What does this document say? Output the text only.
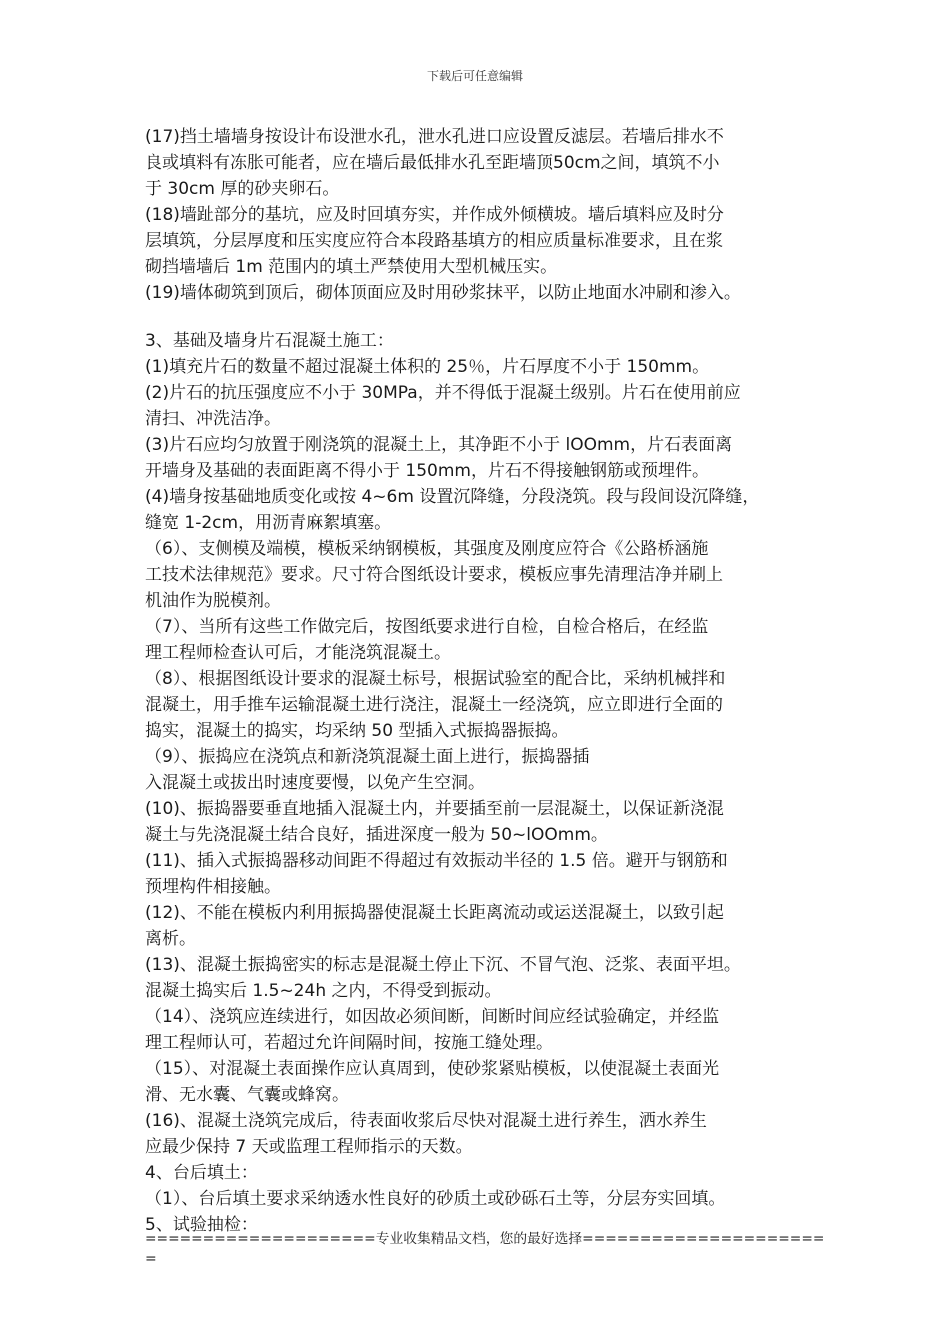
下载后可任意编辑
(17)挡土墙墙身按设计布设泄水孔，泄水孔进口应设置反滤层。若墙后排水不
良或填料有冻胀可能者，应在墙后最低排水孔至距墙顶50cm之间，填筑不小
于 30cm 厚的砂夹卵石。
(18)墙趾部分的基坑，应及时回填夯实，并作成外倾横坡。墙后填料应及时分
层填筑，分层厚度和压实度应符合本段路基填方的相应质量标准要求，且在浆
砌挡墙墙后 1m 范围内的填土严禁使用大型机械压实。
(19)墙体砌筑到顶后，砌体顶面应及时用砂浆抹平，以防止地面水冲刷和渗入。
3、基础及墙身片石混凝土施工：
(1)填充片石的数量不超过混凝土体积的 25％，片石厚度不小于 150mm。
(2)片石的抗压强度应不小于 30MPa，并不得低于混凝土级别。片石在使用前应
清扫、冲洗洁净。
(3)片石应均匀放置于刚浇筑的混凝土上，其净距不小于 lOOmm，片石表面离
开墙身及基础的表面距离不得小于 150mm，片石不得接触钢筋或预埋件。
(4)墙身按基础地质变化或按 4~6m 设置沉降缝，分段浇筑。段与段间设沉降缝，
缝宽 1-2cm，用沥青麻絮填塞。
（6）、支侧模及端模，模板采纳钢模板，其强度及刚度应符合《公路桥涵施
工技术法律规范》要求。尺寸符合图纸设计要求，模板应事先清理洁净并刷上
机油作为脱模剂。
（7）、当所有这些工作做完后，按图纸要求进行自检，自检合格后，在经监
理工程师检查认可后，才能浇筑混凝土。
（8）、根据图纸设计要求的混凝土标号，根据试验室的配合比，采纳机械拌和
混凝土，用手推车运输混凝土进行浇注，混凝土一经浇筑，应立即进行全面的
捣实，混凝土的捣实，均采纳 50 型插入式振捣器振捣。
（9）、振捣应在浇筑点和新浇筑混凝土面上进行，振捣器插
入混凝土或拔出时速度要慢，以免产生空洞。
(10)、振捣器要垂直地插入混凝土内，并要插至前一层混凝土，以保证新浇混
凝土与先浇混凝土结合良好，插进深度一般为 50~lOOmm。
(11)、插入式振捣器移动间距不得超过有效振动半径的 1.5 倍。避开与钢筋和
预埋构件相接触。
(12)、不能在模板内利用振捣器使混凝土长距离流动或运送混凝土，以致引起
离析。
(13)、混凝土振捣密实的标志是混凝土停止下沉、不冒气泡、泛浆、表面平坦。
混凝土捣实后 1.5~24h 之内，不得受到振动。
（14）、浇筑应连续进行，如因故必须间断，间断时间应经试验确定，并经监
理工程师认可，若超过允许间隔时间，按施工缝处理。
（15）、对混凝土表面操作应认真周到，使砂浆紧贴模板，以使混凝土表面光
滑、无水囊、气囊或蜂窝。
(16)、混凝土浇筑完成后，待表面收浆后尽快对混凝土进行养生，洒水养生
应最少保持 7 天或监理工程师指示的天数。
4、台后填土：
（1）、台后填土要求采纳透水性良好的砂质土或砂砾石土等，分层夯实回填。
5、试验抽检：
====================专业收集精品文档，您的最好选择=====================
=
